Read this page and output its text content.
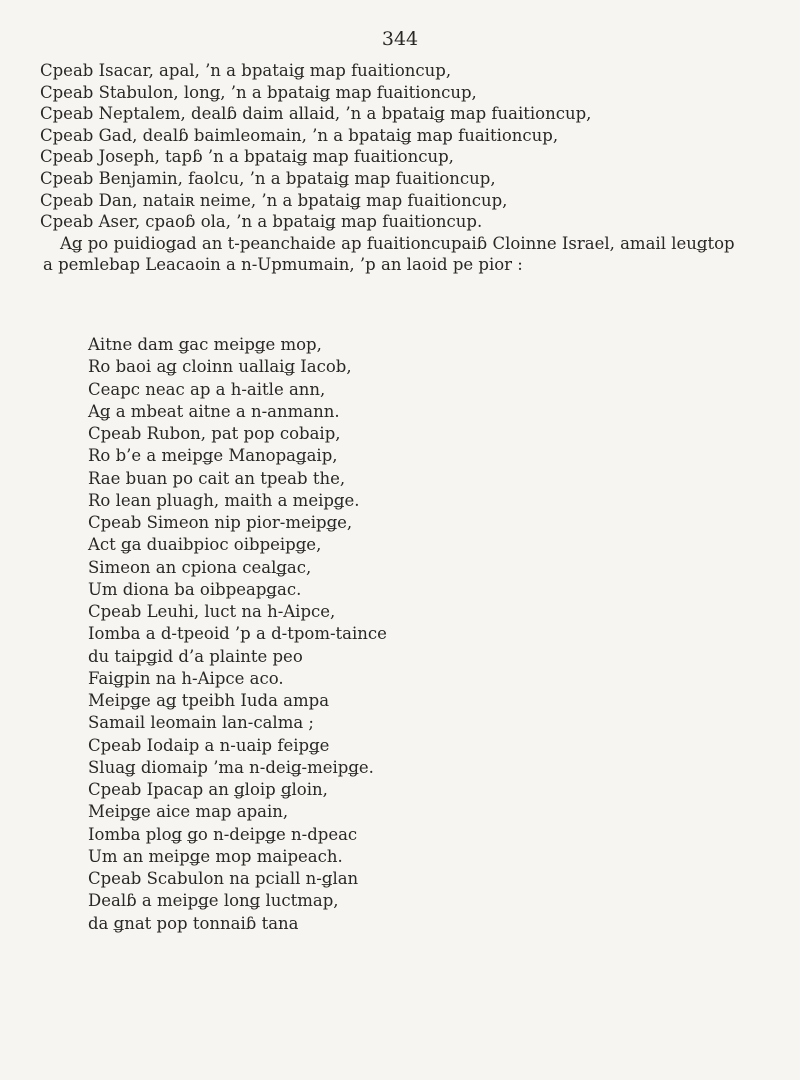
344
Cpeab Isacar, apal, ’n a bpataiǥ map fuaitioncup,
Cpeab Stabulon, lonǥ, ’n a bpataiǥ map fuaitioncup,
Cpeab Neptalem, dealɓ daim allaid, ’n a bpataiǥ map fuaitioncup,
Cpeab Gad, dealɓ baimleomain, ’n a bpataiǥ map fuaitioncup,
Cpeab Joseph, tapɓ ’n a bpataiǥ map fuaitioncup,
Cpeab Benjamin, faolcu, ’n a bpataiǥ map fuaitioncup,
Cpeab Dan, nataiʀ neime, ’n a bpataiǥ map fuaitioncup,
Cpeab Aser, cpaoɓ ola, ’n a bpataiǥ map fuaitioncup.
Aǥ po puidioǥad an t-peanchaide ap fuaitioncupaiɓ Cloinne Israel, amail leuǥtop
a pemlebap Leacaoin a n-Upmumain, ’p an laoid pe pior :
Aitne dam ǥac meipǥe mop,
Ro baoi aǥ cloinn uallaiǥ Iacob,
Ceapc neac ap a h-aitle ann,
Aǥ a mbeat aitne a n-anmann.
Cpeab Rubon, pat pop cobaip,
Ro b’e a meipǥe Manopaǥaip,
Rae buan po cait an tpeab the,
Ro lean pluagh, maith a meipǥe.
Cpeab Simeon nip pior-meipǥe,
Act ǥa duaibpioc oibpeipǥe,
Simeon an cpiona cealǥac,
Um diona ba oibpeapǥac.
Cpeab Leuhi, luct na h-Aipce,
Iomba a d-tpeoid ’p a d-tpom-taince
du taipǥid d’a plainte peo
Faiǥpin na h-Aipce aco.
Meipǥe aǥ tpeibh Iuda ampa
Samail leomain lan-calma ;
Cpeab Iodaip a n-uaip feipǥe
Sluaǥ diomaip ’ma n-deiǥ-meipǥe.
Cpeab Ipacap an ǥloip ǥloin,
Meipǥe aice map apain,
Iomba ploǥ ǥo n-deipǥe n-dpeac
Um an meipǥe mop maipeach.
Cpeab Scabulon na pciall n-ǥlan
Dealɓ a meipǥe lonǥ luctmap,
da ǥnat pop tonnaiɓ tana
